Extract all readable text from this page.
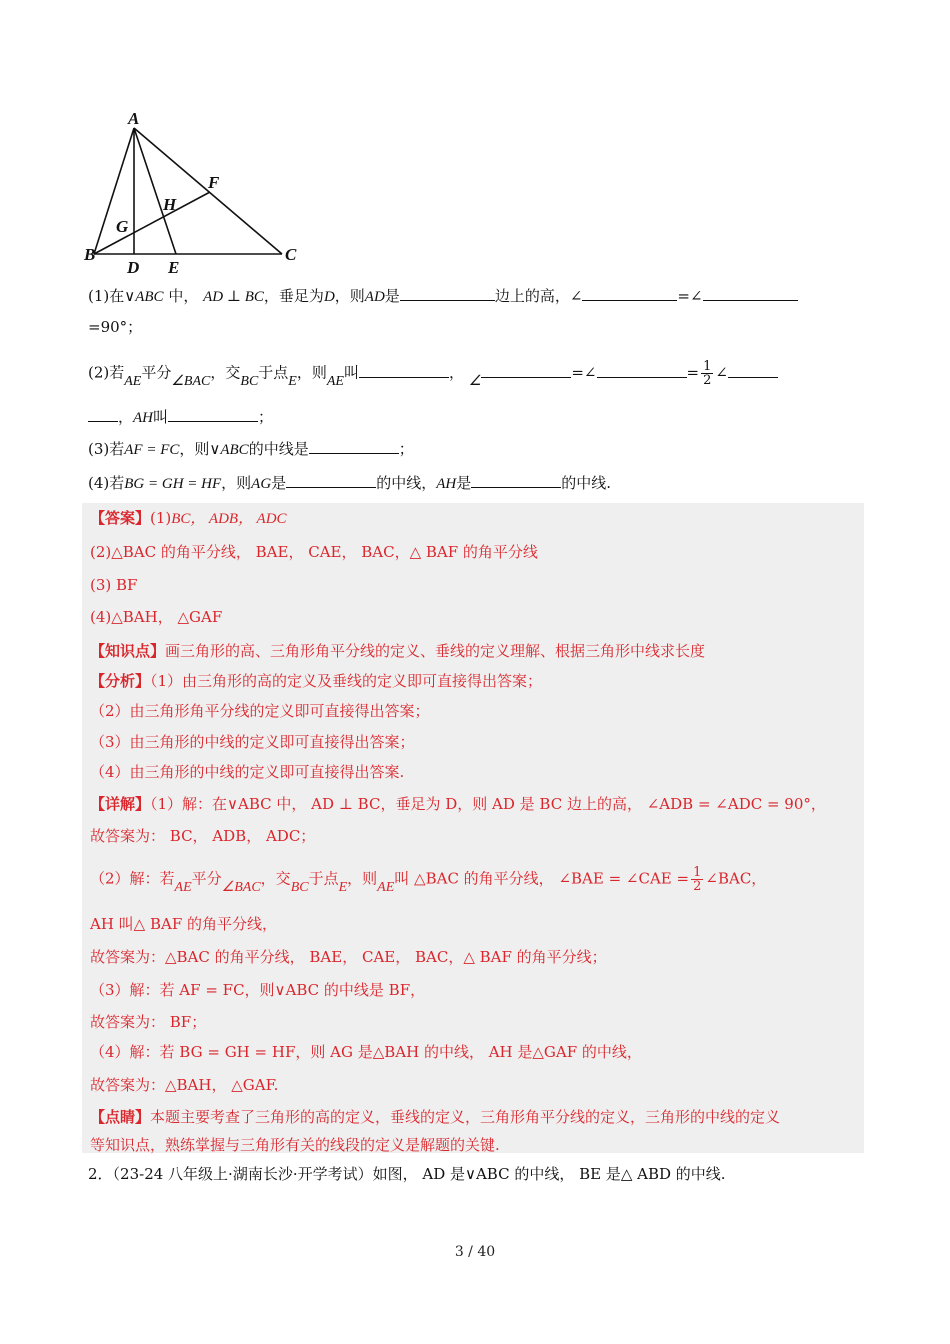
A
B	C
D E
F
G
H
(1)在∨ABC 中， AD ⊥ BC，垂足为D，则AD是	边上的高，∠	=∠
=90°；
(2)若AE平分∠BAC，交BC于点E，则AE叫	， ∠	=∠	= $\frac{1}{2}$ ∠
，AH叫	；
(3)若AF = FC，则∨ABC的中线是	；
(4)若BG = GH = HF，则AG是	的中线，AH是	的中线.
【答案】(1)BC， ADB， ADC
(2)△BAC 的角平分线， BAE， CAE， BAC，△ BAF 的角平分线
(3) BF
(4)△BAH， △GAF
【知识点】画三角形的高、三角形角平分线的定义、垂线的定义理解、根据三角形中线求长度
【分析】（1）由三角形的高的定义及垂线的定义即可直接得出答案；
（2）由三角形角平分线的定义即可直接得出答案；
（3）由三角形的中线的定义即可直接得出答案；
（4）由三角形的中线的定义即可直接得出答案.
【详解】（1）解：在∨ABC 中， AD ⊥ BC，垂足为 D，则 AD 是 BC 边上的高， ∠ADB = ∠ADC = 90°，
故答案为： BC， ADB， ADC；
（2）解：若AE平分∠BAC，交BC于点E，则AE叫 △BAC 的角平分线， ∠BAE = ∠CAE = $\frac{1}{2}$ ∠BAC，
AH 叫△ BAF 的角平分线，
故答案为：△BAC 的角平分线， BAE， CAE， BAC，△ BAF 的角平分线；
（3）解：若 AF = FC，则∨ABC 的中线是 BF，
故答案为： BF；
（4）解：若 BG = GH = HF，则 AG 是△BAH 的中线， AH 是△GAF 的中线，
故答案为：△BAH， △GAF.
【点睛】本题主要考查了三角形的高的定义，垂线的定义，三角形角平分线的定义，三角形的中线的定义
等知识点，熟练掌握与三角形有关的线段的定义是解题的关键.
2．（23-24 八年级上·湖南长沙·开学考试）如图， AD 是∨ABC 的中线， BE 是△ ABD 的中线.
3 / 40
